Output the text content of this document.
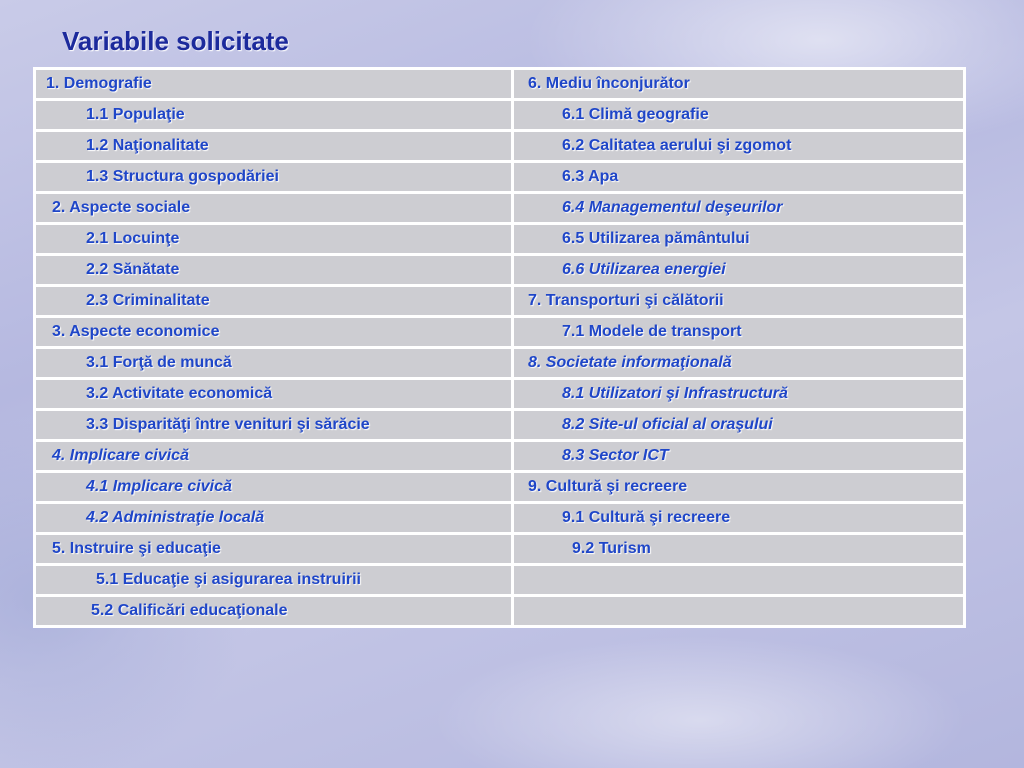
Variabile solicitate
1. Demografie	6. Mediu înconjurător
1.1 Populaţie	6.1 Climă geografie
1.2 Naţionalitate	6.2 Calitatea aerului şi zgomot
1.3 Structura gospodăriei	6.3 Apa
2. Aspecte sociale	6.4 Managementul deşeurilor
2.1 Locuinţe	6.5 Utilizarea pământului
2.2 Sănătate	6.6 Utilizarea energiei
2.3 Criminalitate	7. Transporturi şi călătorii
3. Aspecte economice	7.1 Modele de transport
3.1 Forţă de muncă	8. Societate informaţională
3.2 Activitate economică	8.1 Utilizatori şi Infrastructură
3.3 Disparităţi între venituri şi sărăcie	8.2 Site-ul oficial al oraşului
4. Implicare civică	8.3 Sector ICT
4.1 Implicare civică	9. Cultură şi recreere
4.2 Administraţie locală	9.1 Cultură şi recreere
5. Instruire şi educaţie	9.2 Turism
5.1 Educaţie şi asigurarea instruirii	
5.2 Calificări educaţionale	
